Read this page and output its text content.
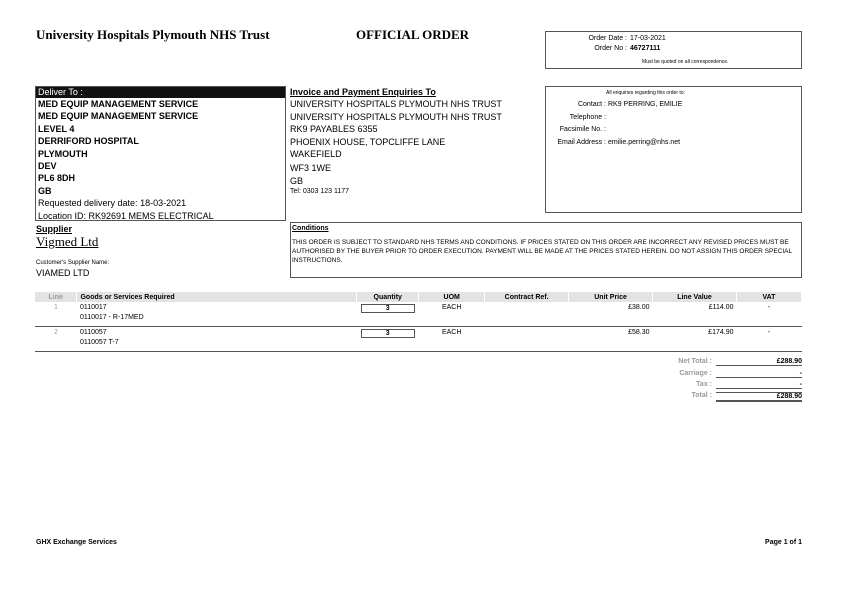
University Hospitals Plymouth NHS Trust	OFFICIAL ORDER	Order Date : 17-03-2021
Order No : 46727111
Must be quoted on all correspondence.
Deliver To :
MED EQUIP MANAGEMENT SERVICE
MED EQUIP MANAGEMENT SERVICE
LEVEL 4
DERRIFORD HOSPITAL
PLYMOUTH
DEV
PL6 8DH
GB
Requested delivery date: 18-03-2021
Location ID: RK92691 MEMS ELECTRICAL
Invoice and Payment Enquiries To
UNIVERSITY HOSPITALS PLYMOUTH NHS TRUST
UNIVERSITY HOSPITALS PLYMOUTH NHS TRUST
RK9 PAYABLES 6355
PHOENIX HOUSE, TOPCLIFFE LANE
WAKEFIELD
WF3 1WE
GB
Tel: 0303 123 1177
All enquiries regarding this order to:
Contact : RK9 PERRING, EMILIE
Telephone :
Facsimile No. :
Email Address : emilie.perring@nhs.net
Supplier
Vigmed Ltd
Customer's Supplier Name:
VIAMED LTD
Conditions
THIS ORDER IS SUBJECT TO STANDARD NHS TERMS AND CONDITIONS. IF PRICES STATED ON THIS ORDER ARE INCORRECT ANY REVISED PRICES MUST BE AUTHORISED BY THE BUYER PRIOR TO ORDER EXECUTION. PAYMENT WILL BE MADE AT THE PRICES STATED HEREIN. DO NOT ASSIGN THIS ORDER SPECIAL INSTRUCTIONS.
Line	Goods or Services Required	Quantity	UOM	Contract Ref.	Unit Price	Line Value	VAT
1	0110017
0110017 - R-17MED	3	EACH		£38.00	£114.00	-
2	0110057
0110057 T-7	3	EACH		£58.30	£174.90	-
Net Total :	£288.90
Carriage :	-
Tax :	-
Total :	£288.90
GHX Exchange Services	Page 1 of 1
